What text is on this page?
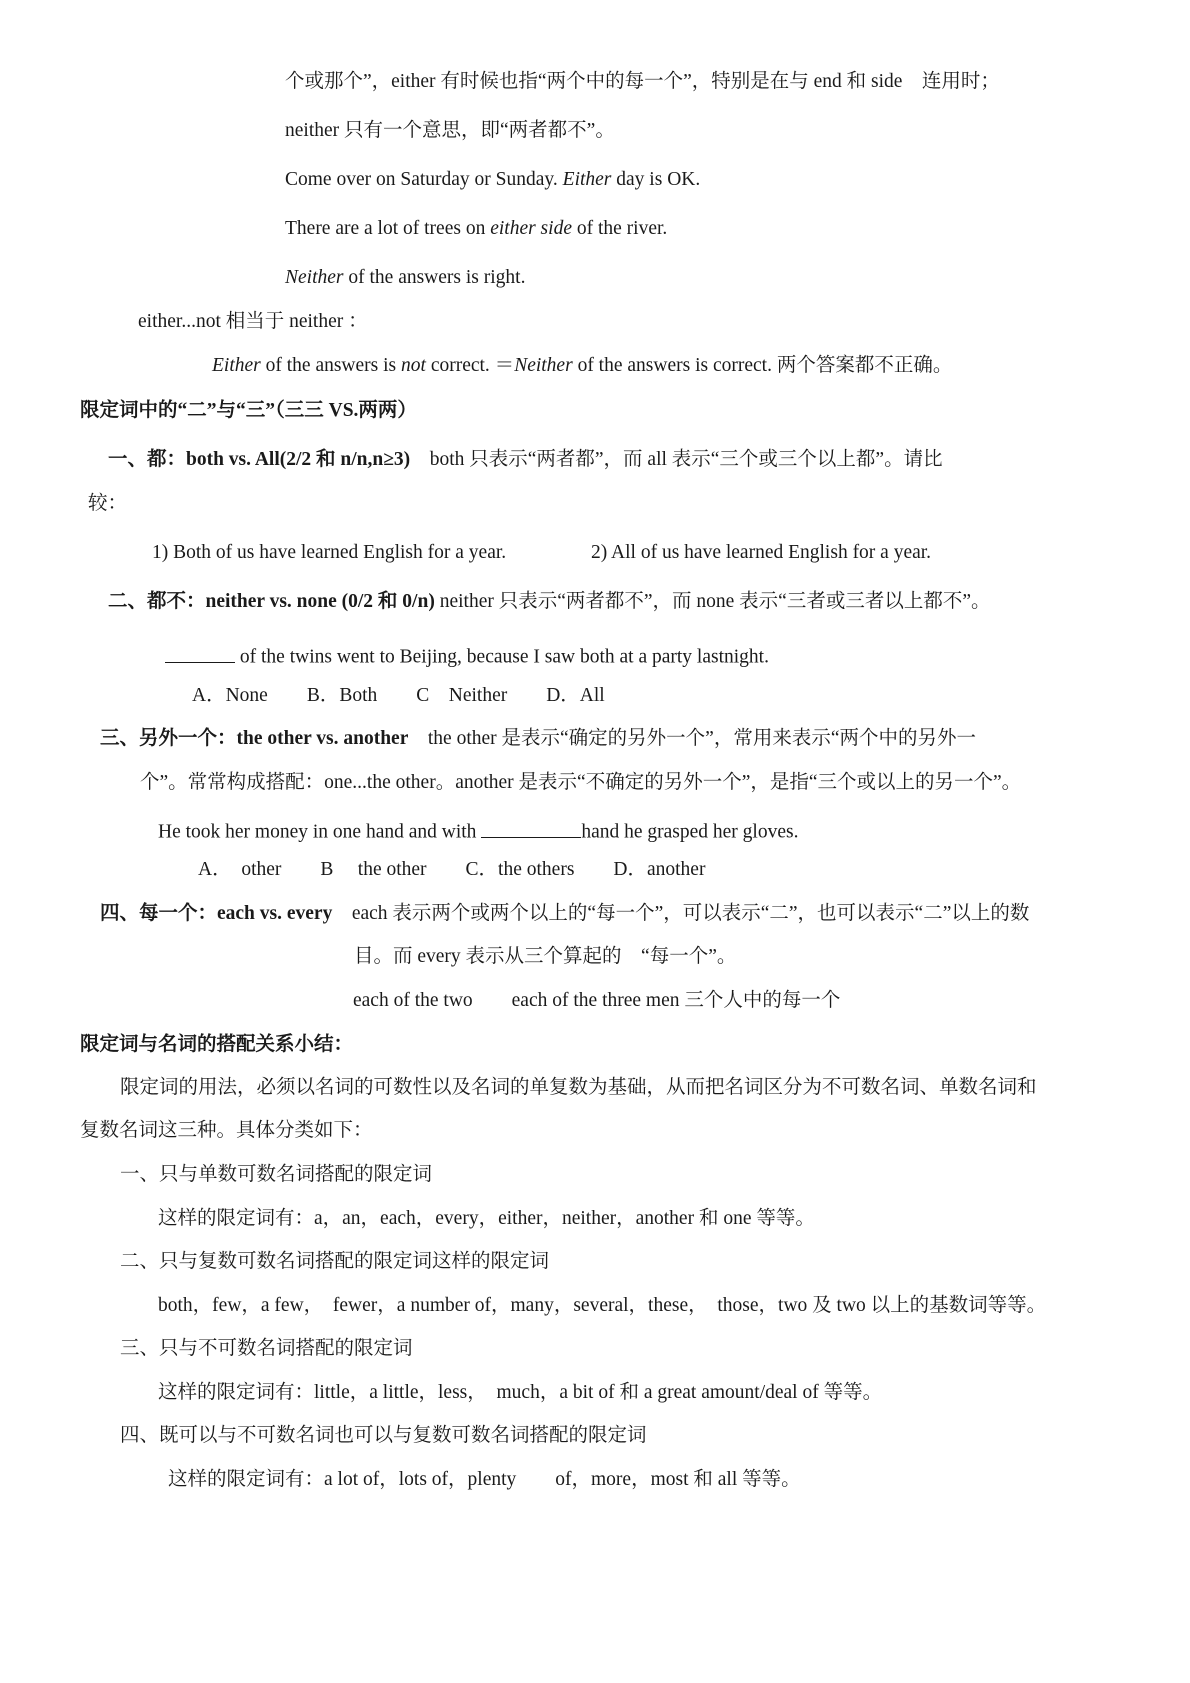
个或那个”，either 有时候也指“两个中的每一个”，特别是在与 end 和 side　连用时；
neither 只有一个意思，即“两者都不”。
Come over on Saturday or Sunday. Either day is OK.
There are a lot of trees on either side of the river.
Neither of the answers is right.
either...not 相当于 neither ：
Either of the answers is not correct. ＝Neither of the answers is correct. 两个答案都不正确。
限定词中的“二”与“三”（三三 VS.两两）
一、都：both vs. All(2/2 和 n/n,n≥3)　both 只表示“两者都”，而 all 表示“三个或三个以上都”。请比
较：
1) Both of us have learned English for a year.	2) All of us have learned English for a year.
二、都不：neither vs. none (0/2 和 0/n) neither 只表示“两者都不”，而 none 表示“三者或三者以上都不”。
of the twins went to Beijing, because I saw both at a party lastnight.
A．None　　B．Both　　C　Neither　　D．All
三、另外一个：the other vs. another　the other 是表示“确定的另外一个”，常用来表示“两个中的另外一
个”。常常构成搭配：one...the other。another 是表示“不确定的另外一个”，是指“三个或以上的另一个”。
He took her money in one hand and with	hand he grasped her gloves.
A．　other　　B　 the other　　C．the others　　D．another
四、每一个：each vs. every　each 表示两个或两个以上的“每一个”，可以表示“二”，也可以表示“二”以上的数
目。而 every 表示从三个算起的　“每一个”。
each of the two　　each of the three men 三个人中的每一个
限定词与名词的搭配关系小结：
限定词的用法，必须以名词的可数性以及名词的单复数为基础，从而把名词区分为不可数名词、单数名词和
复数名词这三种。具体分类如下：
一、只与单数可数名词搭配的限定词
这样的限定词有：a，an，each，every，either，neither，another 和 one 等等。
二、只与复数可数名词搭配的限定词这样的限定词
both，few，a few，　fewer，a number of，many，several，these，　those，two 及 two 以上的基数词等等。
三、只与不可数名词搭配的限定词
这样的限定词有：little，a little，less，　much，a bit of 和 a great amount/deal of 等等。
四、既可以与不可数名词也可以与复数可数名词搭配的限定词
这样的限定词有：a lot of，lots of，plenty　　of，more，most 和 all 等等。
